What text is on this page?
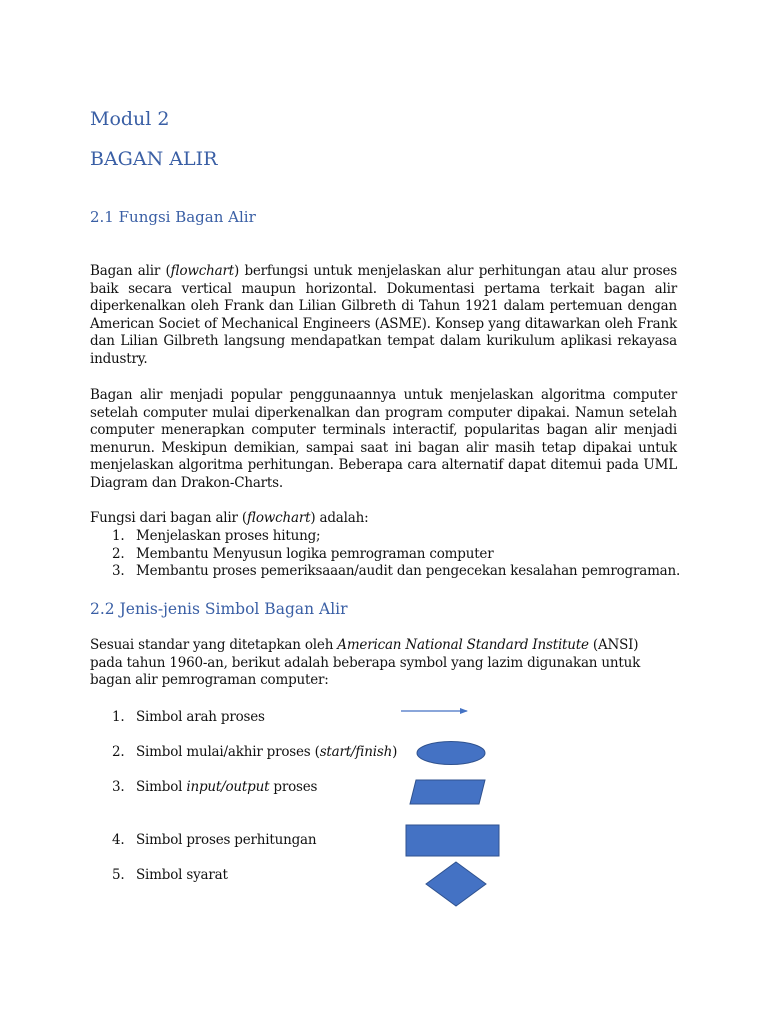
Modul 2
BAGAN ALIR
2.1 Fungsi Bagan Alir

Bagan alir (flowchart) berfungsi untuk menjelaskan alur perhitungan atau alur proses baik secara vertical maupun horizontal. Dokumentasi pertama terkait bagan alir diperkenalkan oleh Frank dan Lilian Gilbreth di Tahun 1921 dalam pertemuan dengan American Societ of Mechanical Engineers (ASME). Konsep yang ditawarkan oleh Frank dan Lilian Gilbreth langsung mendapatkan tempat dalam kurikulum aplikasi rekayasa industry.

Bagan alir menjadi popular penggunaannya untuk menjelaskan algoritma computer setelah computer mulai diperkenalkan dan program computer dipakai. Namun setelah computer menerapkan computer terminals interactif, popularitas bagan alir menjadi menurun. Meskipun demikian, sampai saat ini bagan alir masih tetap dipakai untuk menjelaskan algoritma perhitungan. Beberapa cara alternatif dapat ditemui pada UML Diagram dan Drakon-Charts.

Fungsi dari bagan alir (flowchart) adalah:

1. Menjelaskan proses hitung;
2. Membantu Menyusun logika pemrograman computer
3. Membantu proses pemeriksaaan/audit dan pengecekan kesalahan pemrograman.
2.2 Jenis-jenis Simbol Bagan Alir

Sesuai standar yang ditetapkan oleh American National Standard Institute (ANSI) pada tahun 1960-an, berikut adalah beberapa symbol yang lazim digunakan untuk bagan alir pemrograman computer:

1. Simbol arah proses
2. Simbol mulai/akhir proses (start/finish)
3. Simbol input/output proses
4. Simbol proses perhitungan
5. Simbol syarat
